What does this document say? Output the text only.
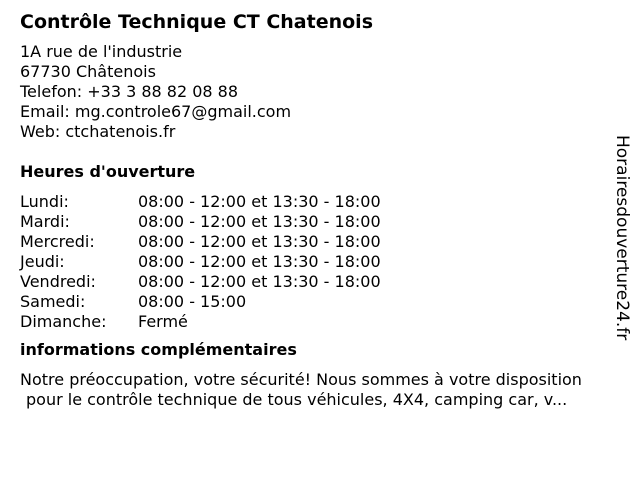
Contrôle Technique CT Chatenois
1A rue de l'industrie
67730 Châtenois
Telefon: +33 3 88 82 08 88
Email: mg.controle67@gmail.com
Web: ctchatenois.fr
Heures d'ouverture
Lundi:	08:00 - 12:00 et 13:30 - 18:00
Mardi:	08:00 - 12:00 et 13:30 - 18:00
Mercredi:	08:00 - 12:00 et 13:30 - 18:00
Jeudi:	08:00 - 12:00 et 13:30 - 18:00
Vendredi:	08:00 - 12:00 et 13:30 - 18:00
Samedi:	08:00 - 15:00
Dimanche:	Fermé
informations complémentaires
Notre préoccupation, votre sécurité! Nous sommes à votre disposition
pour le contrôle technique de tous véhicules, 4X4, camping car, v...
Horairesdouverture24.fr
